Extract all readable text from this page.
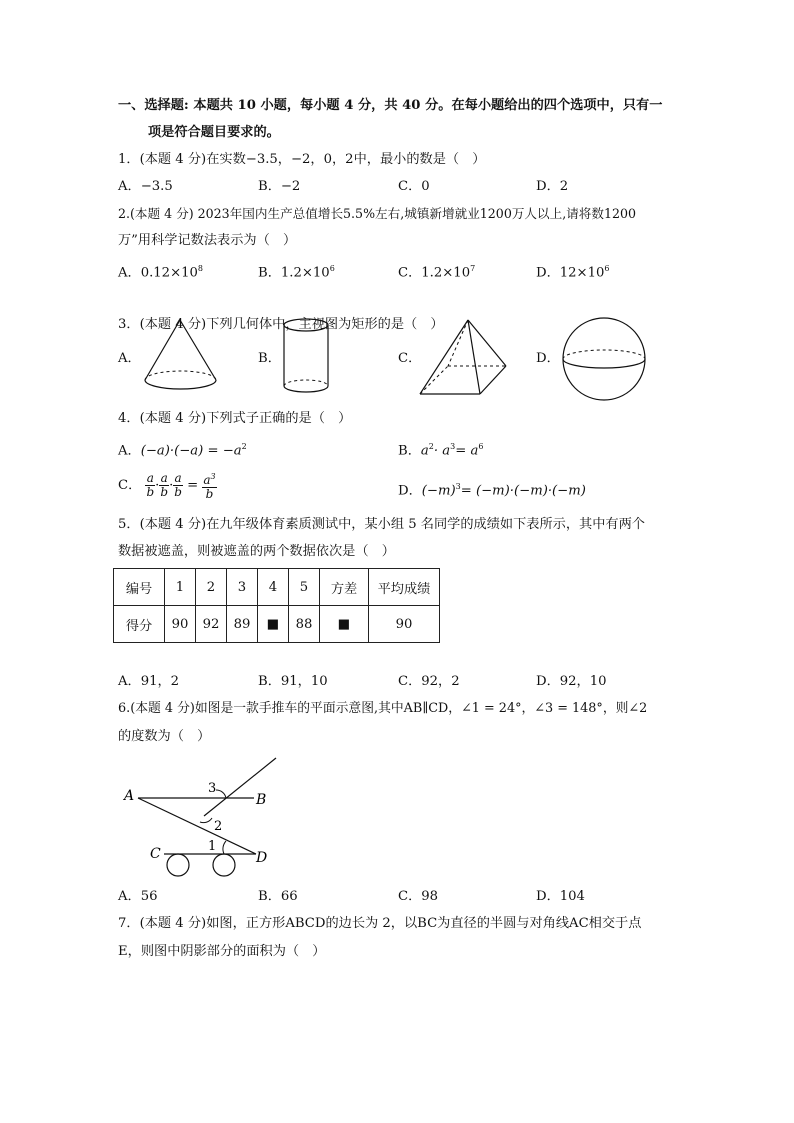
一、选择题: 本题共 10 小题，每小题 4 分，共 40 分。在每小题给出的四个选项中，只有一
项是符合题目要求的。
1．(本题 4 分)在实数−3.5，−2，0，2中，最小的数是（　）
A．−3.5	B．−2	C．0	D．2
2.(本题 4 分) 2023年国内生产总值增长5.5%左右,城镇新增就业1200万人以上,请将数1200
万”用科学记数法表示为（　）
A．$0.12\times 10^8$	B．$1.2\times 10^6$	C．$1.2\times 10^7$	D．$12\times 10^6$
3．(本题 4 分)下列几何体中，主视图为矩形的是（　）
A．	B．	C．	D．
4．(本题 4 分)下列式子正确的是（　）
A．$(-a)\cdot(-a) = -a^2$	B．$a^2\cdot a^3= a^6$
C． $\frac{a}{b} \cdot \frac{a}{b} \cdot \frac{a}{b} = \frac{a^3}{b}$	D．$(-m)^3= (-m)\cdot(-m)\cdot(-m)$
5．(本题 4 分)在九年级体育素质测试中，某小组 5 名同学的成绩如下表所示，其中有两个
数据被遮盖，则被遮盖的两个数据依次是（　）
编号	1	2	3	4	5	方差	平均成绩
得分	90	92	89	■	88	■	90
A．91，2	B．91，10	C．92，2	D．92，10
6.(本题 4 分)如图是一款手推车的平面示意图,其中AB∥CD，∠1 = 24°，∠3 = 148°，则∠2
的度数为（　）
A	B
C	D
1
2
3
A．56	B．66	C．98	D．104
7．(本题 4 分)如图，正方形ABCD的边长为 2，以BC为直径的半圆与对角线AC相交于点
E，则图中阴影部分的面积为（　）
